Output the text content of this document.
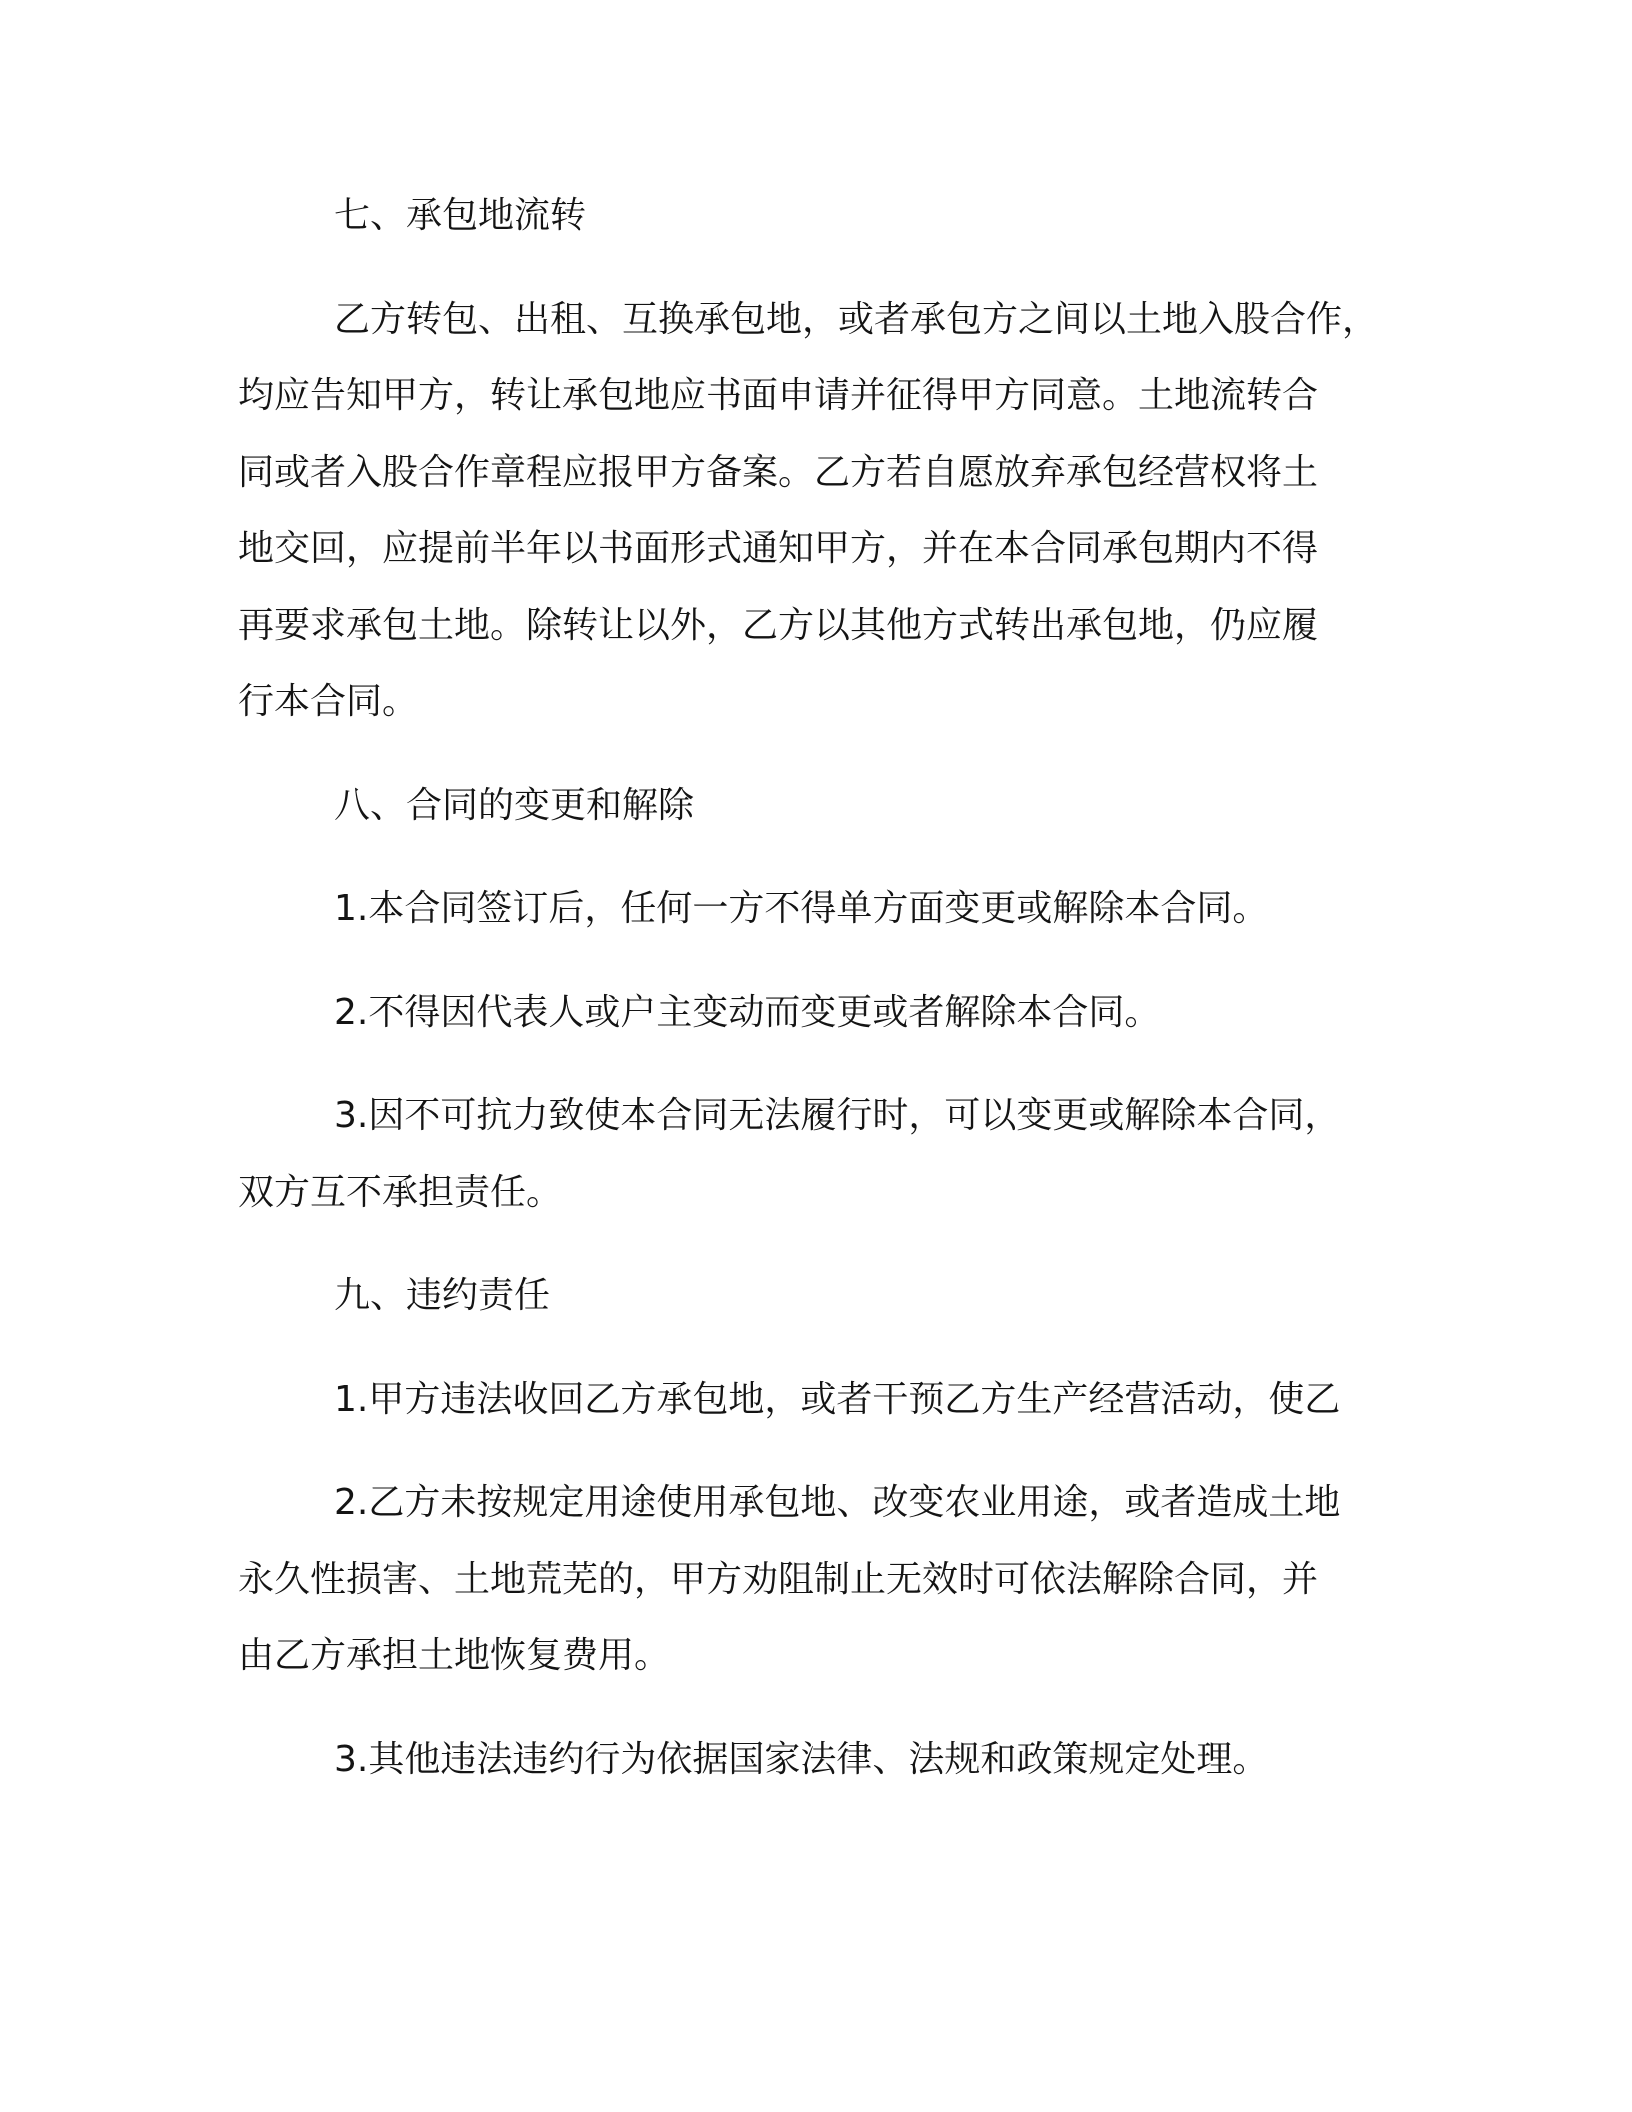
七、承包地流转
乙方转包、出租、互换承包地，或者承包方之间以土地入股合作，
均应告知甲方，转让承包地应书面申请并征得甲方同意。土地流转合
同或者入股合作章程应报甲方备案。乙方若自愿放弃承包经营权将土
地交回，应提前半年以书面形式通知甲方，并在本合同承包期内不得
再要求承包土地。除转让以外，乙方以其他方式转出承包地，仍应履
行本合同。
八、合同的变更和解除
1.本合同签订后，任何一方不得单方面变更或解除本合同。
2.不得因代表人或户主变动而变更或者解除本合同。
3.因不可抗力致使本合同无法履行时，可以变更或解除本合同，
双方互不承担责任。
九、违约责任
1.甲方违法收回乙方承包地，或者干预乙方生产经营活动，使乙
2.乙方未按规定用途使用承包地、改变农业用途，或者造成土地
永久性损害、土地荒芜的，甲方劝阻制止无效时可依法解除合同，并
由乙方承担土地恢复费用。
3.其他违法违约行为依据国家法律、法规和政策规定处理。
